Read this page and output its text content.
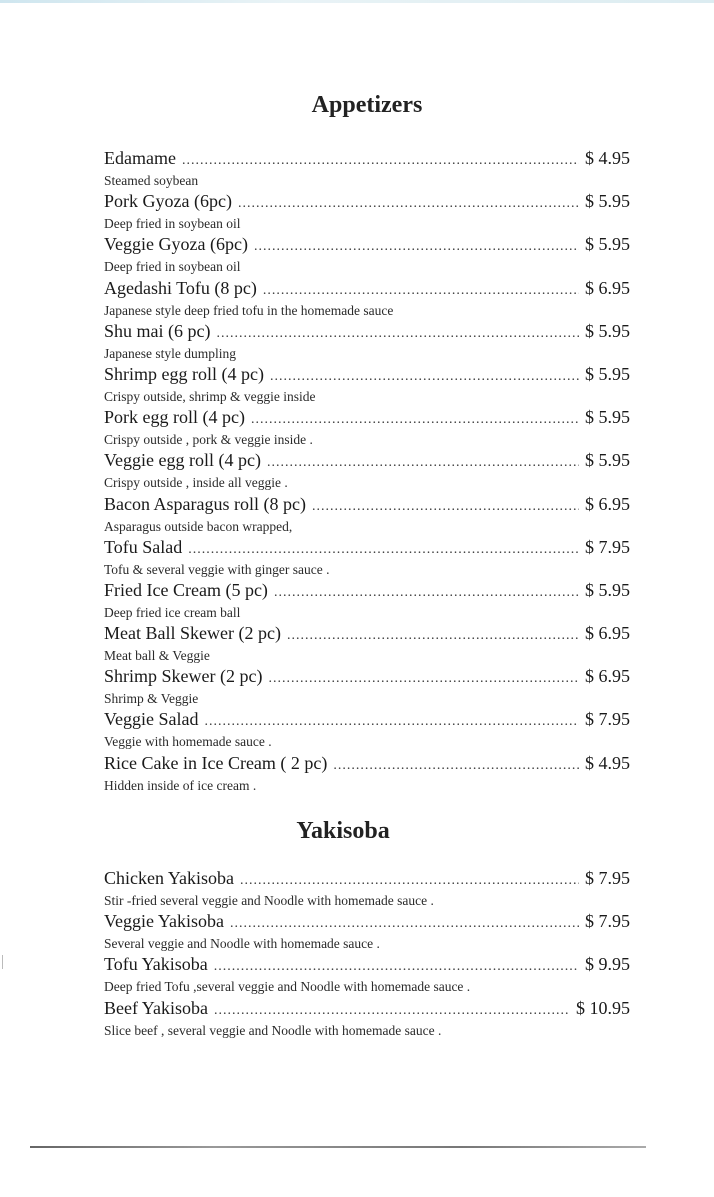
Appetizers
Edamame .....	$ 4.95
Steamed soybean
Pork Gyoza (6pc) .....	$ 5.95
Deep fried in soybean oil
Veggie Gyoza (6pc) .....	$ 5.95
Deep fried in soybean oil
Agedashi Tofu (8 pc) .....	$ 6.95
Japanese style deep fried tofu in the homemade sauce
Shu mai (6 pc) .....	$ 5.95
Japanese style dumpling
Shrimp egg roll (4 pc) .....	$ 5.95
Crispy outside, shrimp & veggie inside
Pork egg roll (4 pc) .....	$ 5.95
Crispy outside , pork & veggie inside .
Veggie egg roll (4 pc) .....	$ 5.95
Crispy outside , inside all veggie .
Bacon Asparagus roll (8 pc) .....	$ 6.95
Asparagus outside bacon wrapped,
Tofu Salad .....	$ 7.95
Tofu & several veggie with ginger sauce .
Fried Ice Cream (5 pc) .....	$ 5.95
Deep fried ice cream ball
Meat Ball Skewer (2 pc) .....	$ 6.95
Meat ball & Veggie
Shrimp Skewer (2 pc) .....	$ 6.95
Shrimp & Veggie
Veggie Salad .....	$ 7.95
Veggie with homemade sauce .
Rice Cake in Ice Cream ( 2 pc) .....	$ 4.95
Hidden inside of ice cream .
Yakisoba
Chicken Yakisoba .....	$ 7.95
Stir -fried several veggie and Noodle with homemade sauce .
Veggie Yakisoba .....	$ 7.95
Several veggie and Noodle with homemade sauce .
Tofu Yakisoba .....	$ 9.95
Deep fried Tofu ,several veggie and Noodle with homemade sauce .
Beef Yakisoba .....	$ 10.95
Slice beef , several veggie and Noodle with homemade sauce .
